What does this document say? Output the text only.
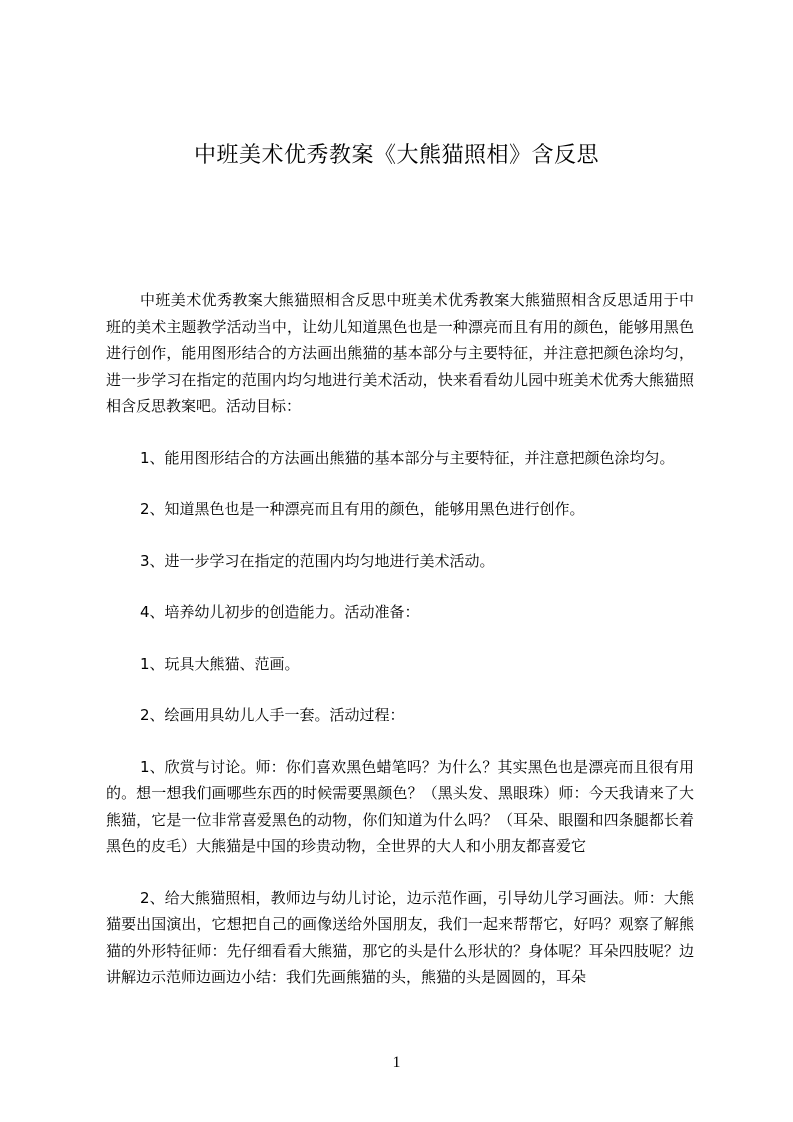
中班美术优秀教案《大熊猫照相》含反思

中班美术优秀教案大熊猫照相含反思中班美术优秀教案大熊猫照相含反思适用于中班的美术主题教学活动当中，让幼儿知道黑色也是一种漂亮而且有用的颜色，能够用黑色进行创作，能用图形结合的方法画出熊猫的基本部分与主要特征，并注意把颜色涂均匀，进一步学习在指定的范围内均匀地进行美术活动，快来看看幼儿园中班美术优秀大熊猫照相含反思教案吧。活动目标：

1、能用图形结合的方法画出熊猫的基本部分与主要特征，并注意把颜色涂均匀。

2、知道黑色也是一种漂亮而且有用的颜色，能够用黑色进行创作。

3、进一步学习在指定的范围内均匀地进行美术活动。

4、培养幼儿初步的创造能力。活动准备：

1、玩具大熊猫、范画。

2、绘画用具幼儿人手一套。活动过程：

1、欣赏与讨论。师：你们喜欢黑色蜡笔吗？为什么？其实黑色也是漂亮而且很有用的。想一想我们画哪些东西的时候需要黑颜色？（黑头发、黑眼珠）师：今天我请来了大熊猫，它是一位非常喜爱黑色的动物，你们知道为什么吗？（耳朵、眼圈和四条腿都长着黑色的皮毛）大熊猫是中国的珍贵动物，全世界的大人和小朋友都喜爱它

2、给大熊猫照相，教师边与幼儿讨论，边示范作画，引导幼儿学习画法。师：大熊猫要出国演出，它想把自己的画像送给外国朋友，我们一起来帮帮它，好吗？观察了解熊猫的外形特征师：先仔细看看大熊猫，那它的头是什么形状的？身体呢？耳朵四肢呢？边讲解边示范师边画边小结：我们先画熊猫的头，熊猫的头是圆圆的，耳朵

1
